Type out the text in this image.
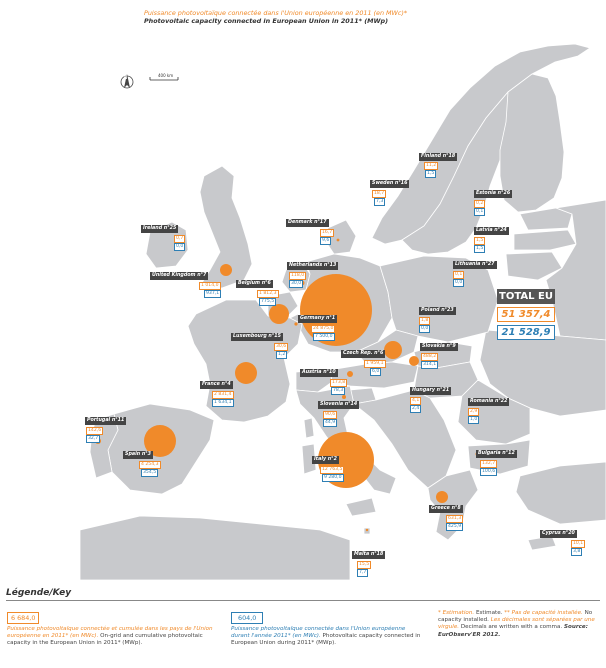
N
Puissance photovoltaïque connectée dans l'Union européenne en 2011 (en MWc)*
Photovoltaic capacity connected in European Union in 2011* (MWp)
400 km
Ireland n°25
0,7
0,0
United Kingdom n°7
1 014,0
937,1
Belgium n°6
1 812,3
775,5
Netherlands n°13
118,0
30,0
Denmark n°17
16,7
9,6
Sweden n°16
18,7
7,3
Finland n°18
11,2
1,5
Estonia n°26
0,2
0,1
Latvia n°24
1,5
1,5
Lithuania n°27
0,1
0,0
Poland n°23
1,8
0,0
Germany n°1
24 875,0
7 500,0
Luxembourg n°15
30,6
1,2	Czech Rep. n°6
1 959,1
6,0
Slovakia n°9
488,2
314,1
Austria n°10
173,8
78,3
France n°4
2 831,4
1 634,1	Slovenia n°14
90,6
44,9
Hungary n°21
4,1
2,4
Romania n°22
2,9
1,0
Portugal n°11
142,6
32,7
Spain n°3
4 254,3
354,5
Italy n°2
12 763,5
9 280,0
Bulgaria n°12
132,7
100,6
Greece n°8
631,3
425,9
Malta n°18
15,5
7,7
Cyprus n°20
10,1
3,8
TOTAL EU
51 357,4
21 528,9
Légende/Key
6 684,0
Puissance photovoltaïque connectée et cumulée dans les pays de l'Union européenne en 2011* (en MWc). On-grid and cumulative photovoltaic capacity in the European Union in 2011* (MWp).
604,0
Puissance photovoltaïque connectée dans l'Union européenne durant l'année 2011* (en MWc). Photovoltaic capacity connected in European Union during 2011* (MWp).
* Estimation. Estimate. ** Pas de capacité installée. No capacity installed. Les décimales sont séparées par une virgule. Decimals are written with a comma. Source: EurObserv'ER 2012.
